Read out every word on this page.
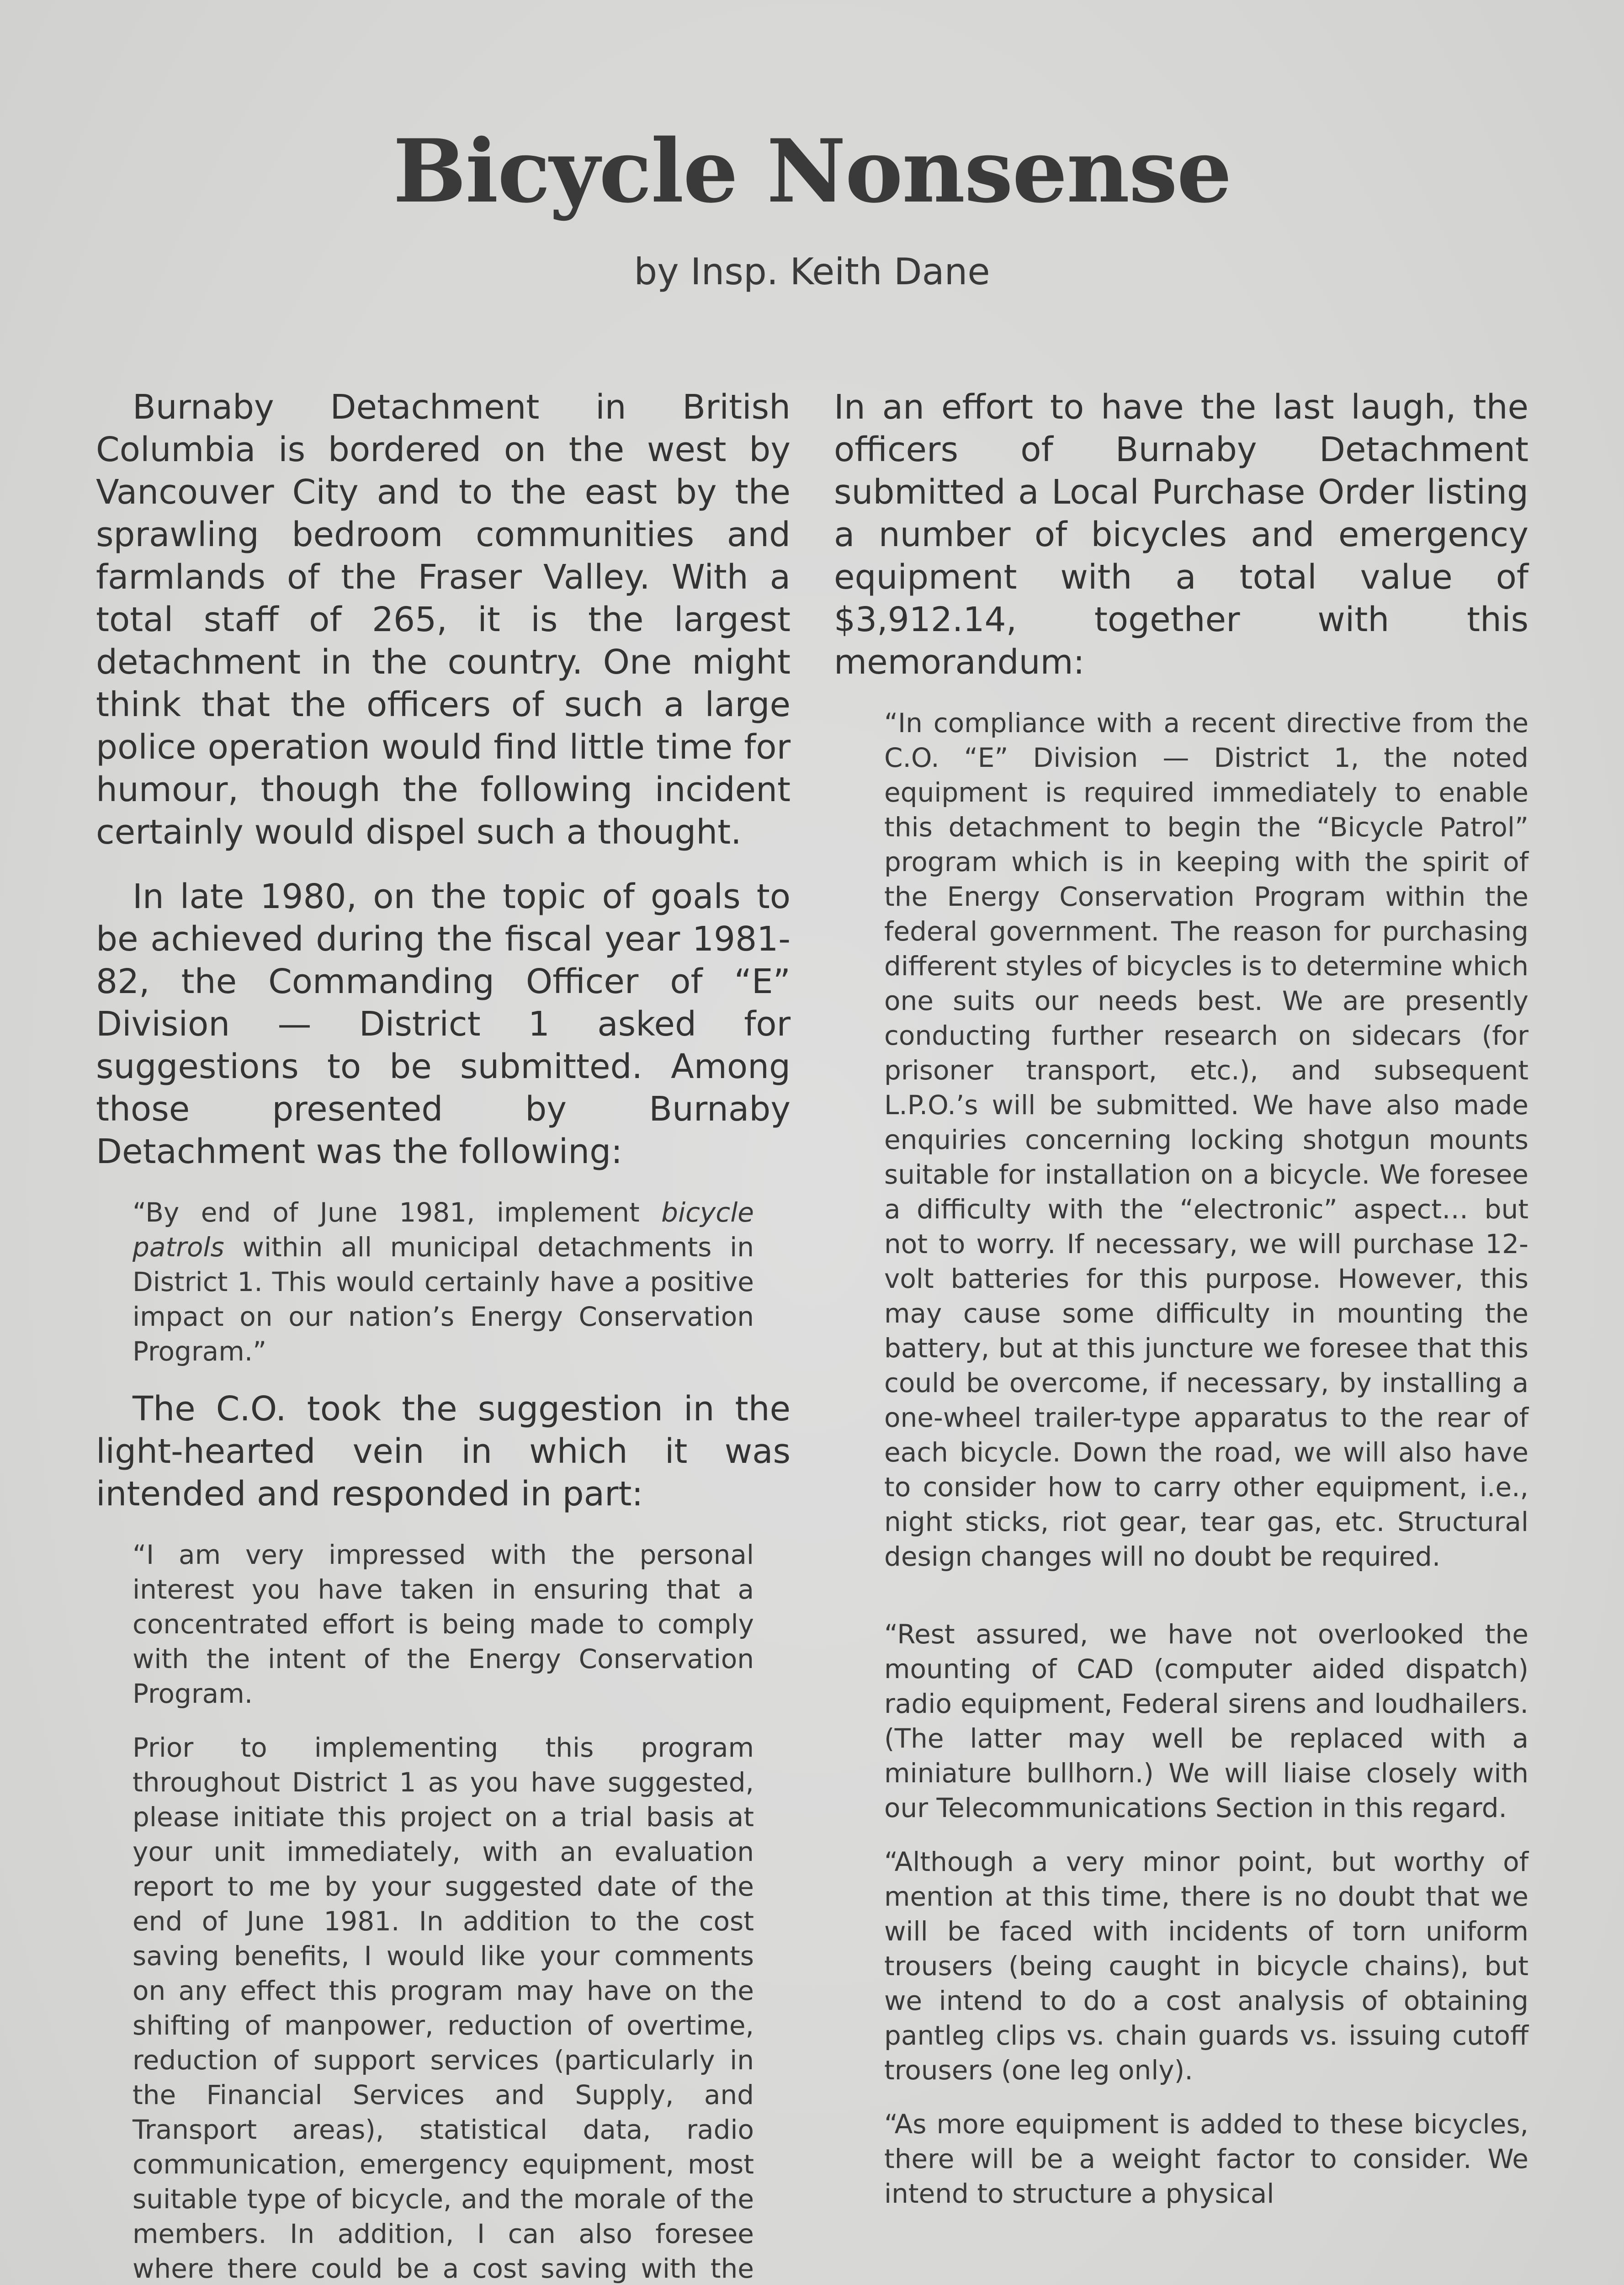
Bicycle Nonsense
by Insp. Keith Dane

Burnaby Detachment in British Columbia is bordered on the west by Vancouver City and to the east by the sprawling bedroom communities and farmlands of the Fraser Valley. With a total staff of 265, it is the largest detachment in the country. One might think that the officers of such a large police operation would find little time for humour, though the following incident certainly would dispel such a thought.

In late 1980, on the topic of goals to be achieved during the fiscal year 1981-82, the Commanding Officer of “E” Division — District 1 asked for suggestions to be submitted. Among those presented by Burnaby Detachment was the following:

“By end of June 1981, implement bicycle patrols within all municipal detachments in District 1. This would certainly have a positive impact on our nation’s Energy Conservation Program.”

The C.O. took the suggestion in the light-hearted vein in which it was intended and responded in part:

“I am very impressed with the personal interest you have taken in ensuring that a concentrated effort is being made to comply with the intent of the Energy Conservation Program.

Prior to implementing this program throughout District 1 as you have suggested, please initiate this project on a trial basis at your unit immediately, with an evaluation report to me by your suggested date of the end of June 1981. In addition to the cost saving benefits, I would like your comments on any effect this program may have on the shifting of manpower, reduction of overtime, reduction of support services (particularly in the Financial Services and Supply, and Transport areas), statistical data, radio communication, emergency equipment, most suitable type of bicycle, and the morale of the members. In addition, I can also foresee where there could be a cost saving with the

In an effort to have the last laugh, the officers of Burnaby Detachment submitted a Local Purchase Order listing a number of bicycles and emergency equipment with a total value of $3,912.14, together with this memorandum:

“In compliance with a recent directive from the C.O. “E” Division — District 1, the noted equipment is required immediately to enable this detachment to begin the “Bicycle Patrol” program which is in keeping with the spirit of the Energy Conservation Program within the federal government. The reason for purchasing different styles of bicycles is to determine which one suits our needs best. We are presently conducting further research on sidecars (for prisoner transport, etc.), and subsequent L.P.O.’s will be submitted. We have also made enquiries concerning locking shotgun mounts suitable for installation on a bicycle. We foresee a difficulty with the “electronic” aspect… but not to worry. If necessary, we will purchase 12-volt batteries for this purpose. However, this may cause some difficulty in mounting the battery, but at this juncture we foresee that this could be overcome, if necessary, by installing a one-wheel trailer-type apparatus to the rear of each bicycle. Down the road, we will also have to consider how to carry other equipment, i.e., night sticks, riot gear, tear gas, etc. Structural design changes will no doubt be required.

“Rest assured, we have not overlooked the mounting of CAD (computer aided dispatch) radio equipment, Federal sirens and loudhailers. (The latter may well be replaced with a miniature bullhorn.) We will liaise closely with our Telecommunications Section in this regard.

“Although a very minor point, but worthy of mention at this time, there is no doubt that we will be faced with incidents of torn uniform trousers (being caught in bicycle chains), but we intend to do a cost analysis of obtaining pantleg clips vs. chain guards vs. issuing cutoff trousers (one leg only).

“As more equipment is added to these bicycles, there will be a weight factor to consider. We intend to structure a physical
